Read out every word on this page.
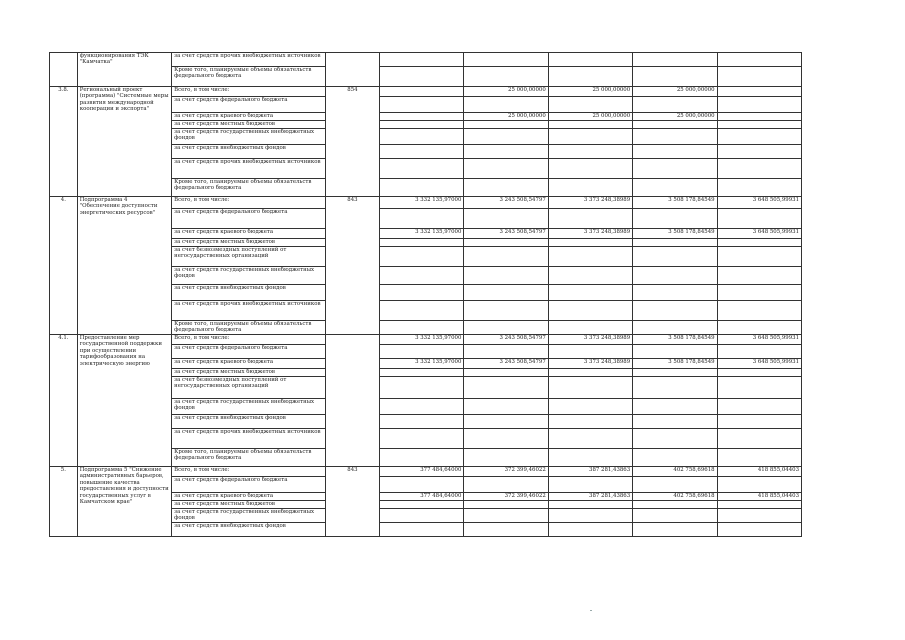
	функционирования ТЭК "Камчатка"	за счет средств прочих внебюджетных источников						
		Кроме того, планируемые объемы обязательств федерального бюджета						
3.8.	Региональный проект (программа) "Системные меры развития международной кооперации и экспорта"	Всего, в том числе:	854		25 000,00000	25 000,00000	25 000,00000	
		за счет средств федерального бюджета						
		за счет средств краевого бюджета			25 000,00000	25 000,00000	25 000,00000	
		за счет средств местных бюджетов						
		за счет средств государственных внебюджетных фондов						
		за счет средств внебюджетных фондов						
		за счет средств прочих внебюджетных источников						
		Кроме того, планируемые объемы обязательств федерального бюджета						
4.	Подпрограмма 4 "Обеспечение доступности энергетических ресурсов"	Всего, в том числе:	843	3 332 135,97000	3 243 508,54797	3 373 248,38989	3 508 178,84549	3 648 505,99931
		за счет средств федерального бюджета						
		за счет средств краевого бюджета		3 332 135,97000	3 243 508,54797	3 373 248,38989	3 508 178,84549	3 648 505,99931
		за счет средств местных бюджетов						
		за счет безвозмездных поступлений от негосударственных организаций						
		за счет средств государственных внебюджетных фондов						
		за счет средств внебюджетных фондов						
		за счет средств прочих внебюджетных источников						
		Кроме того, планируемые объемы обязательств федерального бюджета						
4.1.	Предоставление мер государственной поддержки при осуществлении тарифообразования на электрическую энергию	Всего, в том числе:		3 332 135,97000	3 243 508,54797	3 373 248,38989	3 508 178,84549	3 648 505,99931
		за счет средств федерального бюджета						
		за счет средств краевого бюджета		3 332 135,97000	3 243 508,54797	3 373 248,38989	3 508 178,84549	3 648 505,99931
		за счет средств местных бюджетов						
		за счет безвозмездных поступлений от негосударственных организаций						
		за счет средств государственных внебюджетных фондов						
		за счет средств внебюджетных фондов						
		за счет средств прочих внебюджетных источников						
		Кроме того, планируемые объемы обязательств федерального бюджета						
5.	Подпрограмма 5 "Снижение административных барьеров, повышение качества предоставления и доступности государственных услуг в Камчатском крае"	Всего, в том числе:	843	377 484,64000	372 399,46022	387 281,43863	402 758,69618	418 855,04403
		за счет средств федерального бюджета						
		за счет средств краевого бюджета		377 484,64000	372 399,46022	387 281,43863	402 758,69618	418 855,04403
		за счет средств местных бюджетов						
		за счет средств государственных внебюджетных фондов						
		за счет средств внебюджетных фондов						
